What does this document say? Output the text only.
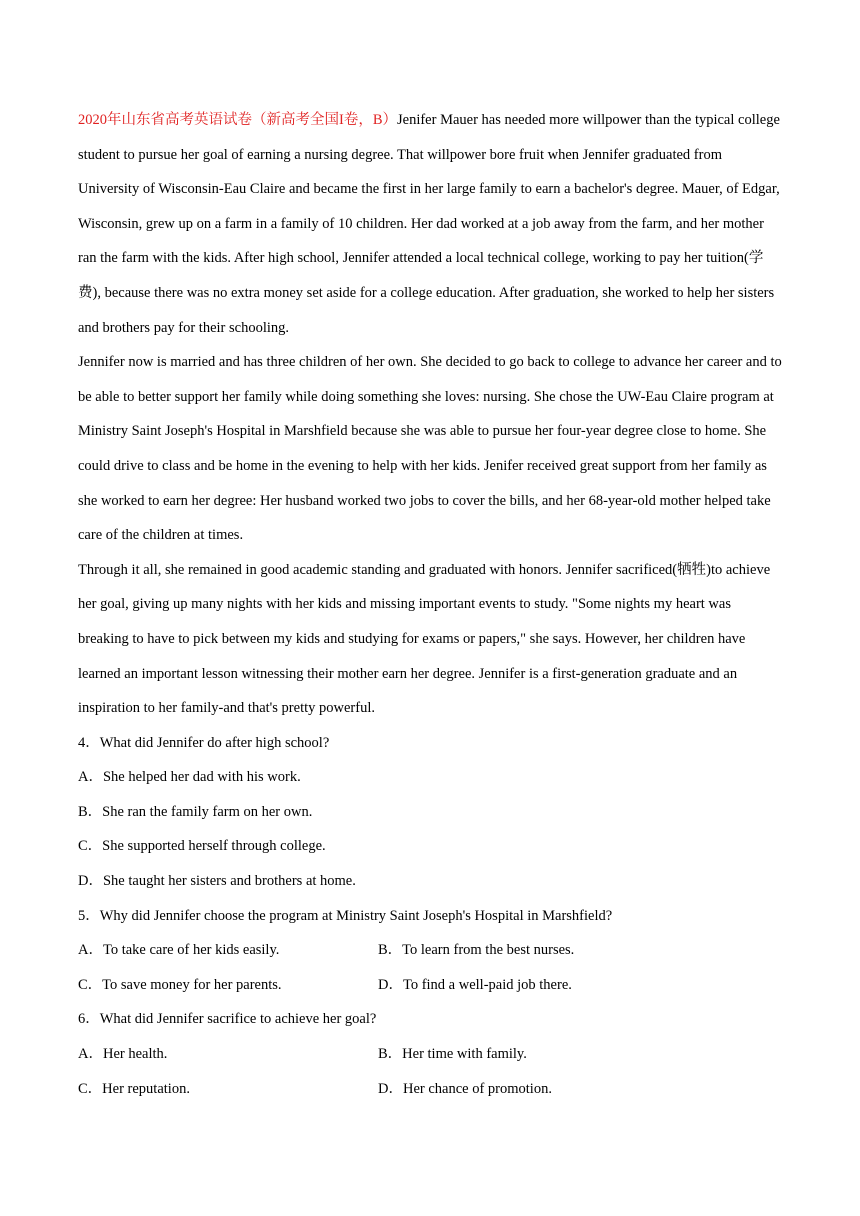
2020年山东省高考英语试卷（新高考全国I卷，B）Jenifer Mauer has needed more willpower than the typical college student to pursue her goal of earning a nursing degree. That willpower bore fruit when Jennifer graduated from University of Wisconsin-Eau Claire and became the first in her large family to earn a bachelor's degree. Mauer, of Edgar, Wisconsin, grew up on a farm in a family of 10 children. Her dad worked at a job away from the farm, and her mother ran the farm with the kids. After high school, Jennifer attended a local technical college, working to pay her tuition(学费), because there was no extra money set aside for a college education. After graduation, she worked to help her sisters and brothers pay for their schooling.

Jennifer now is married and has three children of her own. She decided to go back to college to advance her career and to be able to better support her family while doing something she loves: nursing. She chose the UW-Eau Claire program at Ministry Saint Joseph's Hospital in Marshfield because she was able to pursue her four-year degree close to home. She could drive to class and be home in the evening to help with her kids. Jenifer received great support from her family as she worked to earn her degree: Her husband worked two jobs to cover the bills, and her 68-year-old mother helped take care of the children at times.

Through it all, she remained in good academic standing and graduated with honors. Jennifer sacrificed(牺牲)to achieve her goal, giving up many nights with her kids and missing important events to study. "Some nights my heart was breaking to have to pick between my kids and studying for exams or papers," she says. However, her children have learned an important lesson witnessing their mother earn her degree. Jennifer is a first-generation graduate and an inspiration to her family-and that's pretty powerful.

4．What did Jennifer do after high school?

A．She helped her dad with his work.

B．She ran the family farm on her own.

C．She supported herself through college.

D．She taught her sisters and brothers at home.

5．Why did Jennifer choose the program at Ministry Saint Joseph's Hospital in Marshfield?

A．To take care of her kids easily.	B．To learn from the best nurses.
C．To save money for her parents.	D．To find a well-paid job there.

6．What did Jennifer sacrifice to achieve her goal?

A．Her health.	B．Her time with family.
C．Her reputation.	D．Her chance of promotion.
